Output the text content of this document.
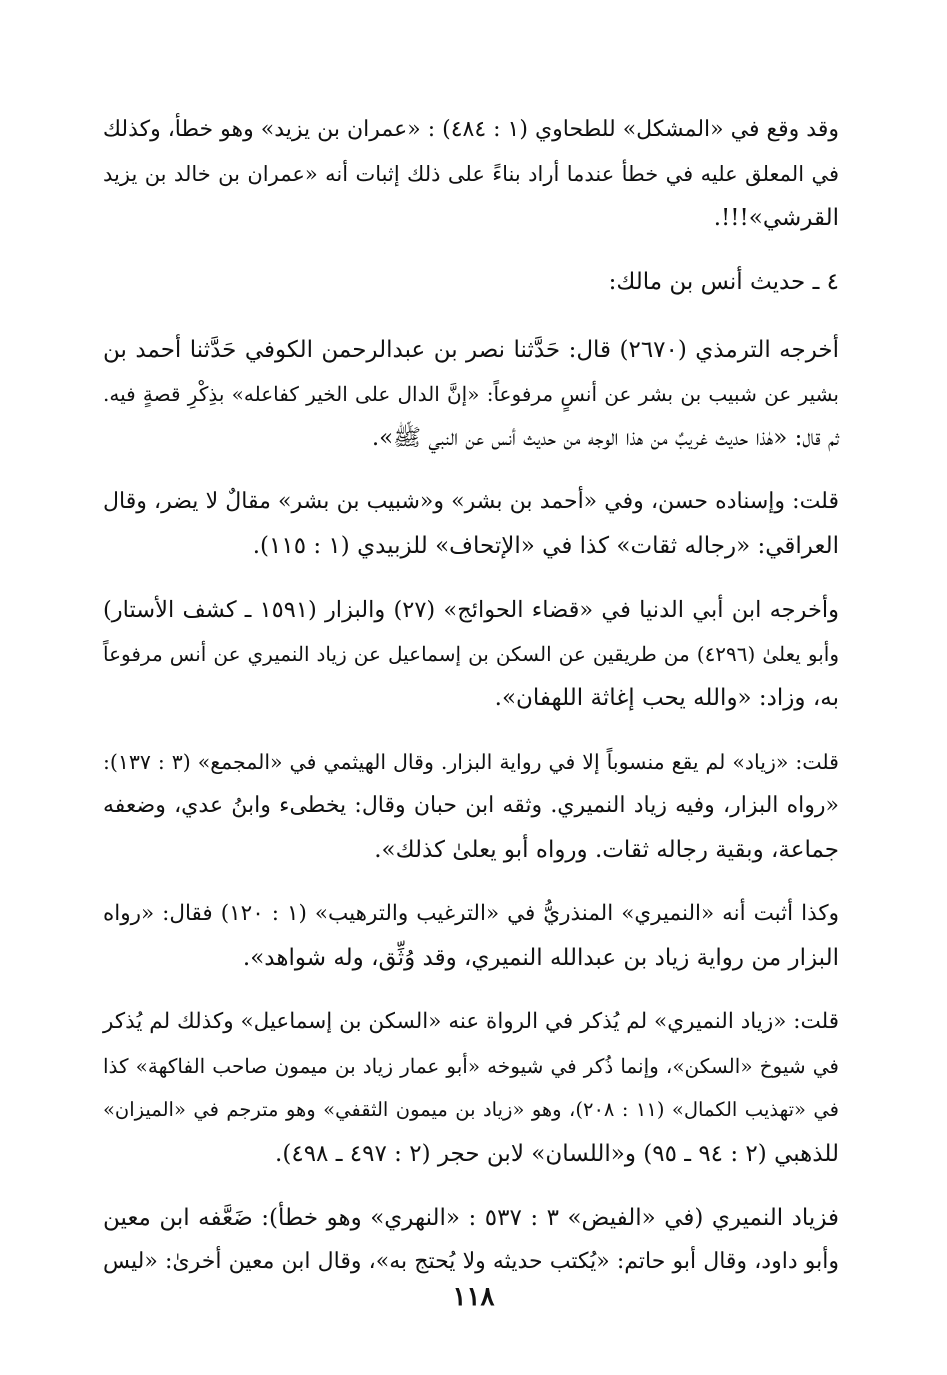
وقد وقع في «المشكل» للطحاوي (١ : ٤٨٤) : «عمران بن يزيد» وهو خطأ، وكذلك
في المعلق عليه في خطأ عندما أراد بناءً على ذلك إثبات أنه «عمران بن خالد بن يزيد
القرشي»!!!.
٤ ـ حديث أنس بن مالك:
أخرجه الترمذي (٢٦٧٠) قال: حَدَّثنا نصر بن عبدالرحمن الكوفي حَدَّثنا أحمد بن
بشير عن شبيب بن بشر عن أنسٍ مرفوعاً: «إنَّ الدال على الخير كفاعله» بذِكْرِ قصةٍ فيه.
ثم قال: «هٰذا حديث غريبٌ من هذا الوجه من حديث أنس عن النبي ﷺ».
قلت: وإسناده حسن، وفي «أحمد بن بشر» و«شبيب بن بشر» مقالٌ لا يضر، وقال
العراقي: «رجاله ثقات» كذا في «الإتحاف» للزبيدي (١ : ١١٥).
وأخرجه ابن أبي الدنيا في «قضاء الحوائج» (٢٧) والبزار (١٥٩١ ـ كشف الأستار)
وأبو يعلىٰ (٤٢٩٦) من طريقين عن السكن بن إسماعيل عن زياد النميري عن أنس مرفوعاً
به، وزاد: «والله يحب إغاثة اللهفان».
قلت: «زياد» لم يقع منسوباً إلا في رواية البزار. وقال الهيثمي في «المجمع» (٣ : ١٣٧):
«رواه البزار، وفيه زياد النميري. وثقه ابن حبان وقال: يخطىء وابنُ عدي، وضعفه
جماعة، وبقية رجاله ثقات. ورواه أبو يعلىٰ كذلك».
وكذا أثبت أنه «النميري» المنذريُّ في «الترغيب والترهيب» (١ : ١٢٠) فقال: «رواه
البزار من رواية زياد بن عبدالله النميري، وقد وُثِّق، وله شواهد».
قلت: «زياد النميري» لم يُذكر في الرواة عنه «السكن بن إسماعيل» وكذلك لم يُذكر
في شيوخ «السكن»، وإنما ذُكر في شيوخه «أبو عمار زياد بن ميمون صاحب الفاكهة» كذا
في «تهذيب الكمال» (١١ : ٢٠٨)، وهو «زياد بن ميمون الثقفي» وهو مترجم في «الميزان»
للذهبي (٢ : ٩٤ ـ ٩٥) و«اللسان» لابن حجر (٢ : ٤٩٧ ـ ٤٩٨).
فزياد النميري (في «الفيض» ٣ : ٥٣٧ : «النهري» وهو خطأ): ضَعَّفه ابن معين
وأبو داود، وقال أبو حاتم: «يُكتب حديثه ولا يُحتج به»، وقال ابن معين أخرىٰ: «ليس
١١٨
